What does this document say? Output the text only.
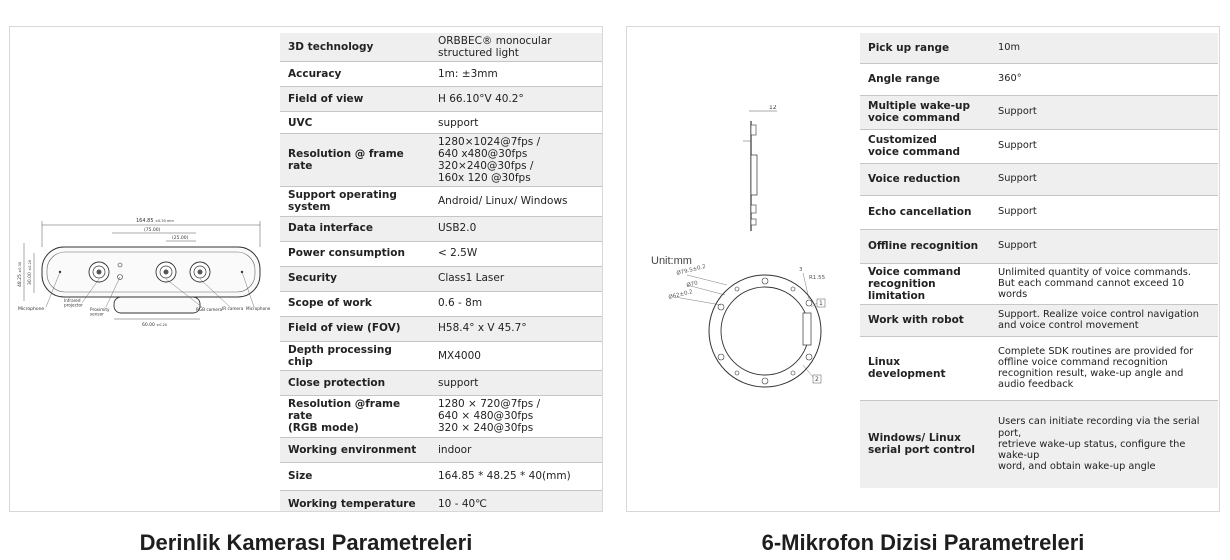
164.85 ±0.30 mm
(75.00)
(25.00)
48.25 ±0.30
30.00 ±0.20
60.00 ±0.20
Microphone
Infrared projector
Proximity sensor
RGB camera IR camera Microphone
3D technology	ORBBEC® monocular
structured light
Accuracy	1m: ±3mm
Field of view	H 66.10°V 40.2°
UVC	support
Resolution @ frame rate	1280×1024@7fps /
640 x480@30fps
320×240@30fps /
160x 120 @30fps
Support operating system	Android/ Linux/ Windows
Data interface	USB2.0
Power consumption	< 2.5W
Security	Class1 Laser
Scope of work	0.6 - 8m
Field of view (FOV)	H58.4° x V 45.7°
Depth processing chip	MX4000
Close protection	support
Resolution @frame rate
(RGB mode)	1280 × 720@7fps /
640 × 480@30fps
320 × 240@30fps
Working environment	indoor
Size	164.85 * 48.25 * 40(mm)
Working temperature	10 - 40℃
12
Unit:mm
Ø79.5±0.2
Ø70
Ø62±0.2
3
R1.55
1
2
Pick up range	10m
Angle range	360°
Multiple wake-up
voice command	Support
Customized
voice command	Support
Voice reduction	Support
Echo cancellation	Support
Offline recognition	Support
Voice command
recognition limitation	Unlimited quantity of voice commands.
But each command cannot exceed 10 words
Work with robot	Support. Realize voice control navigation
and voice control movement
Linux development	Complete SDK routines are provided for
offline voice command recognition
recognition result, wake-up angle and
audio feedback
Windows/ Linux
serial port control	Users can initiate recording via the serial port,
retrieve wake-up status, configure the wake-up
word, and obtain wake-up angle
Derinlik Kamerası Parametreleri	6-Mikrofon Dizisi Parametreleri
